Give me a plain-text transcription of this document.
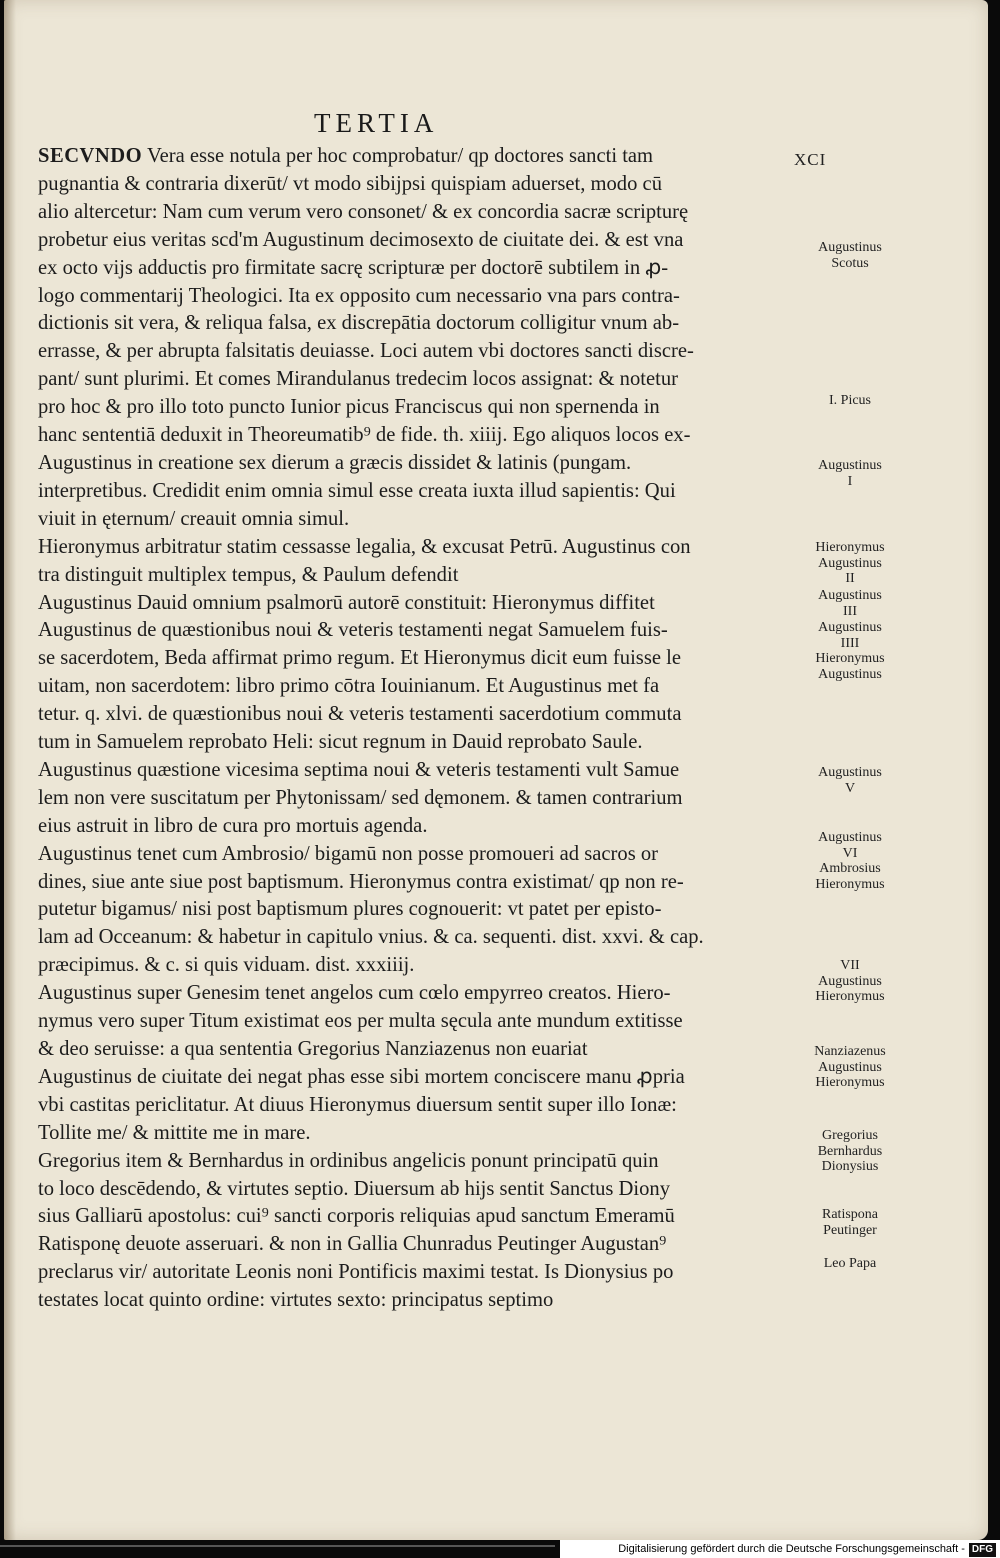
TERTIA
XCI
SECVNDO Vera esse notula per hoc comprobatur/ qp doctores sancti tam
pugnantia & contraria dixerūt/ vt modo sibijpsi quispiam aduerset, modo cū
alio altercetur: Nam cum verum vero consonet/ & ex concordia sacræ scripturę
probetur eius veritas scd'm Augustinum decimosexto de ciuitate dei. & est vna
ex octo vijs adductis pro firmitate sacrę scripturæ per doctorē subtilem in ꝓ-
logo commentarij Theologici. Ita ex opposito cum necessario vna pars contra-
dictionis sit vera, & reliqua falsa, ex discrepātia doctorum colligitur vnum ab-
errasse, & per abrupta falsitatis deuiasse. Loci autem vbi doctores sancti discre-
pant/ sunt plurimi. Et comes Mirandulanus tredecim locos assignat: & notetur
pro hoc & pro illo toto puncto Iunior picus Franciscus qui non spernenda in
hanc sententiā deduxit in Theoreumatib⁹ de fide. th. xiiij. Ego aliquos locos ex-
Augustinus in creatione sex dierum a græcis dissidet & latinis (pungam.
interpretibus. Credidit enim omnia simul esse creata iuxta illud sapientis: Qui
viuit in ęternum/ creauit omnia simul.
Hieronymus arbitratur statim cessasse legalia, & excusat Petrū. Augustinus con
tra distinguit multiplex tempus, & Paulum defendit
Augustinus Dauid omnium psalmorū autorē constituit: Hieronymus diffitet
Augustinus de quæstionibus noui & veteris testamenti negat Samuelem fuis-
se sacerdotem, Beda affirmat primo regum. Et Hieronymus dicit eum fuisse le
uitam, non sacerdotem: libro primo cōtra Iouinianum. Et Augustinus met fa
tetur. q. xlvi. de quæstionibus noui & veteris testamenti sacerdotium commuta
tum in Samuelem reprobato Heli: sicut regnum in Dauid reprobato Saule.
Augustinus quæstione vicesima septima noui & veteris testamenti vult Samue
lem non vere suscitatum per Phytonissam/ sed dęmonem. & tamen contrarium
eius astruit in libro de cura pro mortuis agenda.
Augustinus tenet cum Ambrosio/ bigamū non posse promoueri ad sacros or
dines, siue ante siue post baptismum. Hieronymus contra existimat/ qp non re-
putetur bigamus/ nisi post baptismum plures cognouerit: vt patet per episto-
lam ad Occeanum: & habetur in capitulo vnius. & ca. sequenti. dist. xxvi. & cap.
præcipimus. & c. si quis viduam. dist. xxxiiij.
Augustinus super Genesim tenet angelos cum cœlo empyrreo creatos. Hiero-
nymus vero super Titum existimat eos per multa sęcula ante mundum extitisse
& deo seruisse: a qua sententia Gregorius Nanziazenus non euariat
Augustinus de ciuitate dei negat phas esse sibi mortem conciscere manu ꝓpria
vbi castitas periclitatur. At diuus Hieronymus diuersum sentit super illo Ionæ:
Tollite me/ & mittite me in mare.
Gregorius item & Bernhardus in ordinibus angelicis ponunt principatū quin
to loco descēdendo, & virtutes septio. Diuersum ab hijs sentit Sanctus Diony
sius Galliarū apostolus: cui⁹ sancti corporis reliquias apud sanctum Emeramū
Ratisponę deuote asseruari. & non in Gallia Chunradus Peutinger Augustan⁹
preclarus vir/ autoritate Leonis noni Pontificis maximi testat. Is Dionysius po
testates locat quinto ordine: virtutes sexto: principatus septimo
Augustinus
Scotus
I. Picus
Augustinus
I
Hieronymus
Augustinus
II
Augustinus
III
Augustinus
IIII
Hieronymus
Augustinus
Augustinus
V
Augustinus
VI
Ambrosius
Hieronymus
VII
Augustinus
Hieronymus
Nanziazenus
Augustinus
Hieronymus
Gregorius
Bernhardus
Dionysius
Ratispona
Peutinger
Leo Papa
Digitalisierung gefördert durch die Deutsche Forschungsgemeinschaft - DFG
